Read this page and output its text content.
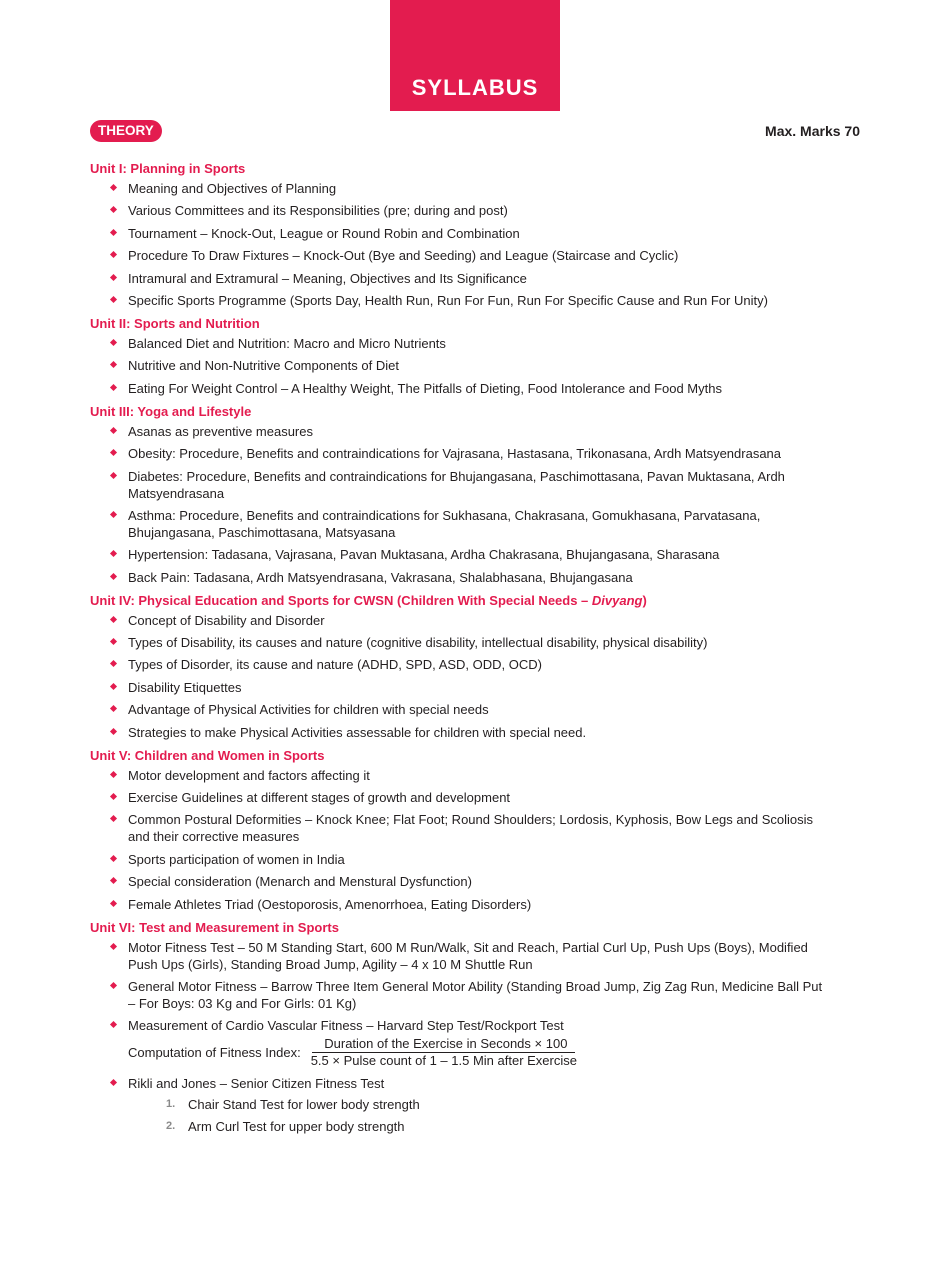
SYLLABUS
THEORY	Max. Marks 70
Unit I: Planning in Sports
Meaning and Objectives of Planning
Various Committees and its Responsibilities (pre; during and post)
Tournament – Knock-Out, League or Round Robin and Combination
Procedure To Draw Fixtures – Knock-Out (Bye and Seeding) and League (Staircase and Cyclic)
Intramural and Extramural – Meaning, Objectives and Its Significance
Specific Sports Programme (Sports Day, Health Run, Run For Fun, Run For Specific Cause and Run For Unity)
Unit II: Sports and Nutrition
Balanced Diet and Nutrition: Macro and Micro Nutrients
Nutritive and Non-Nutritive Components of Diet
Eating For Weight Control – A Healthy Weight, The Pitfalls of Dieting, Food Intolerance and Food Myths
Unit III: Yoga and Lifestyle
Asanas as preventive measures
Obesity: Procedure, Benefits and contraindications for Vajrasana, Hastasana, Trikonasana, Ardh Matsyendrasana
Diabetes: Procedure, Benefits and contraindications for Bhujangasana, Paschimottasana, Pavan Muktasana, Ardh Matsyendrasana
Asthma: Procedure, Benefits and contraindications for Sukhasana, Chakrasana, Gomukhasana, Parvatasana, Bhujangasana, Paschimottasana, Matsyasana
Hypertension: Tadasana, Vajrasana, Pavan Muktasana, Ardha Chakrasana, Bhujangasana, Sharasana
Back Pain: Tadasana, Ardh Matsyendrasana, Vakrasana, Shalabhasana, Bhujangasana
Unit IV: Physical Education and Sports for CWSN (Children With Special Needs – Divyang)
Concept of Disability and Disorder
Types of Disability, its causes and nature (cognitive disability, intellectual disability, physical disability)
Types of Disorder, its cause and nature (ADHD, SPD, ASD, ODD, OCD)
Disability Etiquettes
Advantage of Physical Activities for children with special needs
Strategies to make Physical Activities assessable for children with special need.
Unit V: Children and Women in Sports
Motor development and factors affecting it
Exercise Guidelines at different stages of growth and development
Common Postural Deformities – Knock Knee; Flat Foot; Round Shoulders; Lordosis, Kyphosis, Bow Legs and Scoliosis and their corrective measures
Sports participation of women in India
Special consideration (Menarch and Menstural Dysfunction)
Female Athletes Triad (Oestoporosis, Amenorrhoea, Eating Disorders)
Unit VI: Test and Measurement in Sports
Motor Fitness Test – 50 M Standing Start, 600 M Run/Walk, Sit and Reach, Partial Curl Up, Push Ups (Boys), Modified Push Ups (Girls), Standing Broad Jump, Agility – 4 x 10 M Shuttle Run
General Motor Fitness – Barrow Three Item General Motor Ability (Standing Broad Jump, Zig Zag Run, Medicine Ball Put – For Boys: 03 Kg and For Girls: 01 Kg)
Measurement of Cardio Vascular Fitness – Harvard Step Test/Rockport Test
Computation of Fitness Index: $\frac{\text{Duration of the Exercise in Seconds × 100}}{\text{5.5 × Pulse count of 1 – 1.5 Min after Exercise}}$
Rikli and Jones – Senior Citizen Fitness Test
1. Chair Stand Test for lower body strength
2. Arm Curl Test for upper body strength
